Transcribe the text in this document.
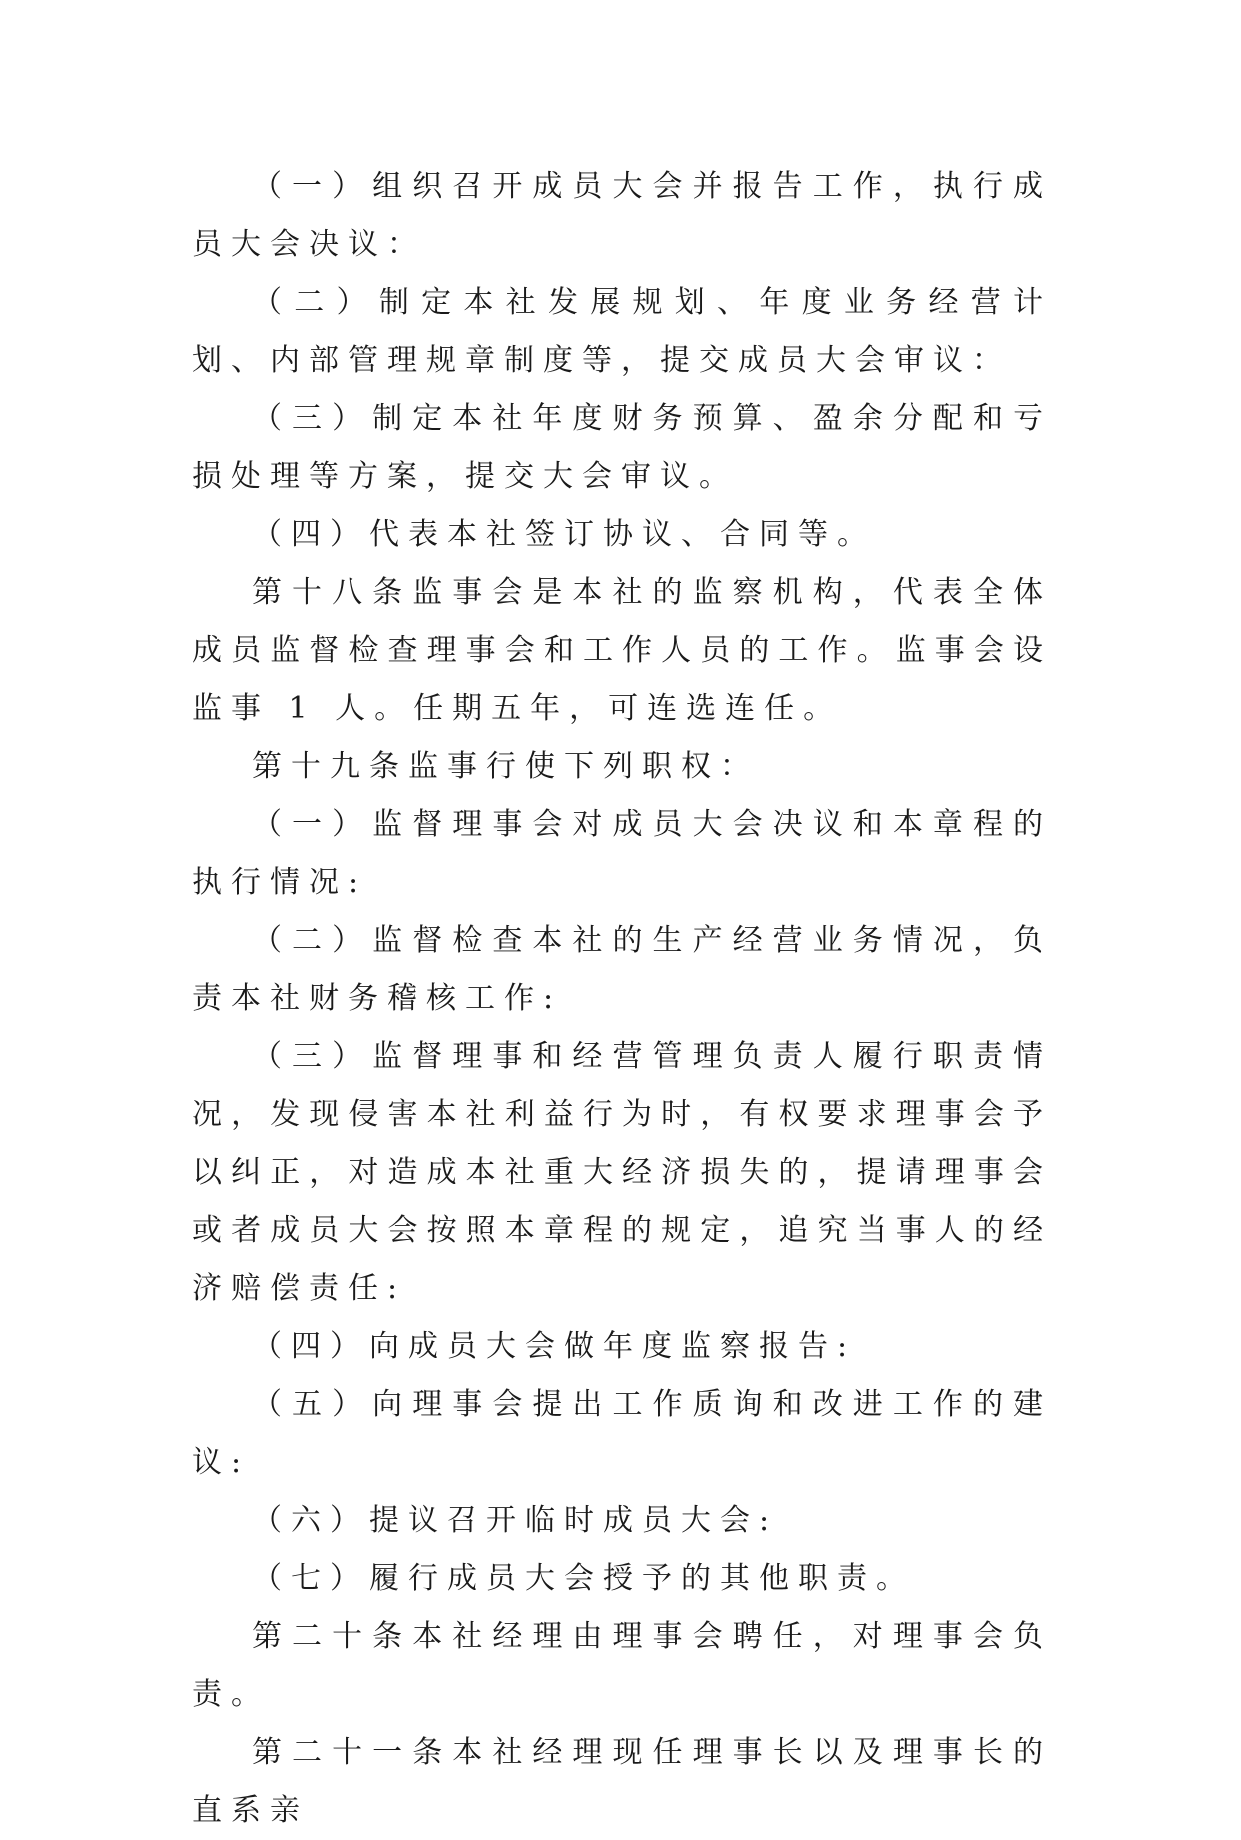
（一）组织召开成员大会并报告工作，执行成员大会决议：

（二）制定本社发展规划、年度业务经营计划、内部管理规章制度等，提交成员大会审议：

（三）制定本社年度财务预算、盈余分配和亏损处理等方案，提交大会审议。

（四）代表本社签订协议、合同等。

第十八条监事会是本社的监察机构，代表全体成员监督检查理事会和工作人员的工作。监事会设监事 1 人。任期五年，可连选连任。

第十九条监事行使下列职权：

（一）监督理事会对成员大会决议和本章程的执行情况:

（二）监督检查本社的生产经营业务情况，负责本社财务稽核工作:

（三）监督理事和经营管理负责人履行职责情况，发现侵害本社利益行为时，有权要求理事会予以纠正，对造成本社重大经济损失的，提请理事会或者成员大会按照本章程的规定，追究当事人的经济赔偿责任:

（四）向成员大会做年度监察报告:

（五）向理事会提出工作质询和改进工作的建议:

（六）提议召开临时成员大会:

（七）履行成员大会授予的其他职责。

第二十条本社经理由理事会聘任，对理事会负责。

第二十一条本社经理现任理事长以及理事长的直系亲
